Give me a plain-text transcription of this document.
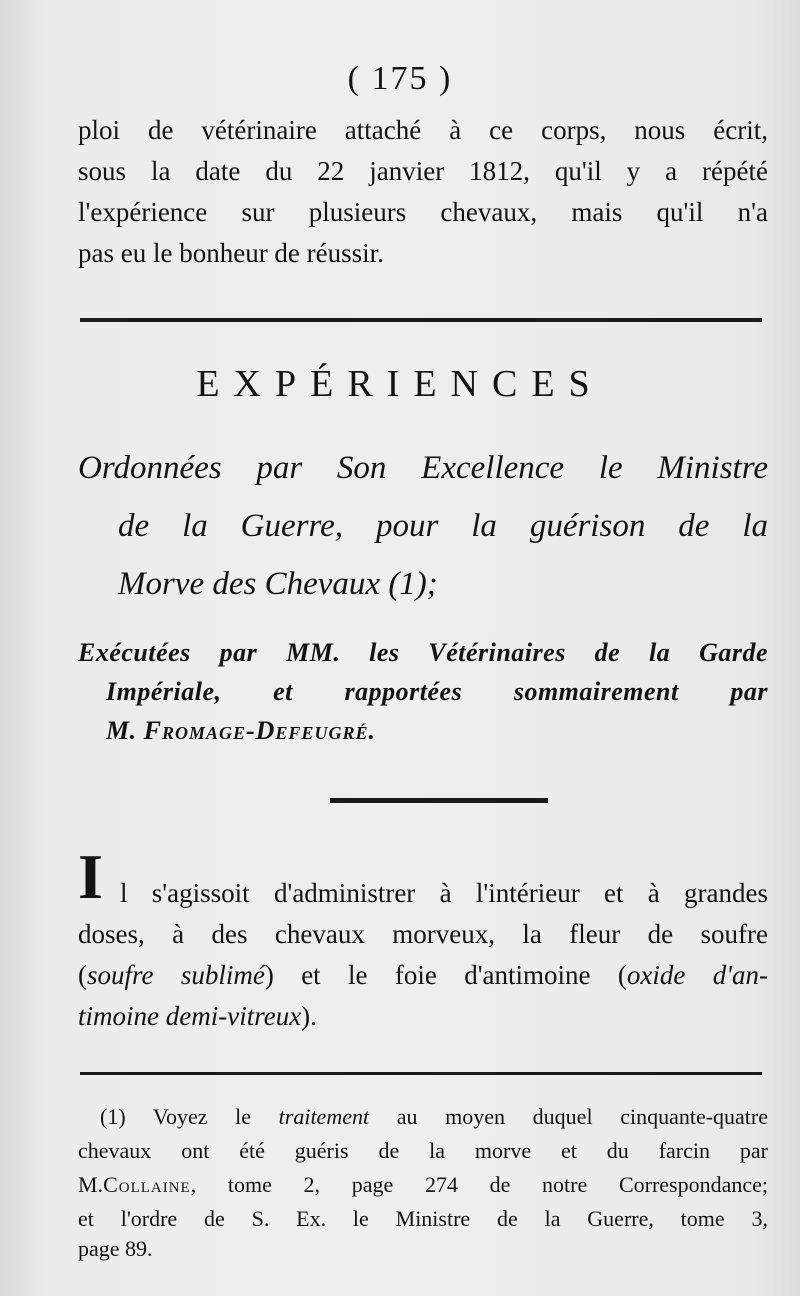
( 175 )
ploi de vétérinaire attaché à ce corps, nous écrit,
sous la date du 22 janvier 1812, qu'il y a répété
l'expérience sur plusieurs chevaux, mais qu'il n'a
pas eu le bonheur de réussir.
EXPÉRIENCES
Ordonnées par Son Excellence le Ministre
de la Guerre, pour la guérison de la
Morve des Chevaux (1);
Exécutées par MM. les Vétérinaires de la Garde
Impériale, et rapportées sommairement par
M. Fromage-Defeugré.
I l s'agissoit d'administrer à l'intérieur et à grandes
doses, à des chevaux morveux, la fleur de soufre
(soufre sublimé) et le foie d'antimoine (oxide d'an-
timoine demi-vitreux).
(1) Voyez le traitement au moyen duquel cinquante-quatre
chevaux ont été guéris de la morve et du farcin par
M.Collaine, tome 2, page 274 de notre Correspondance;
et l'ordre de S. Ex. le Ministre de la Guerre, tome 3,
page 89.
